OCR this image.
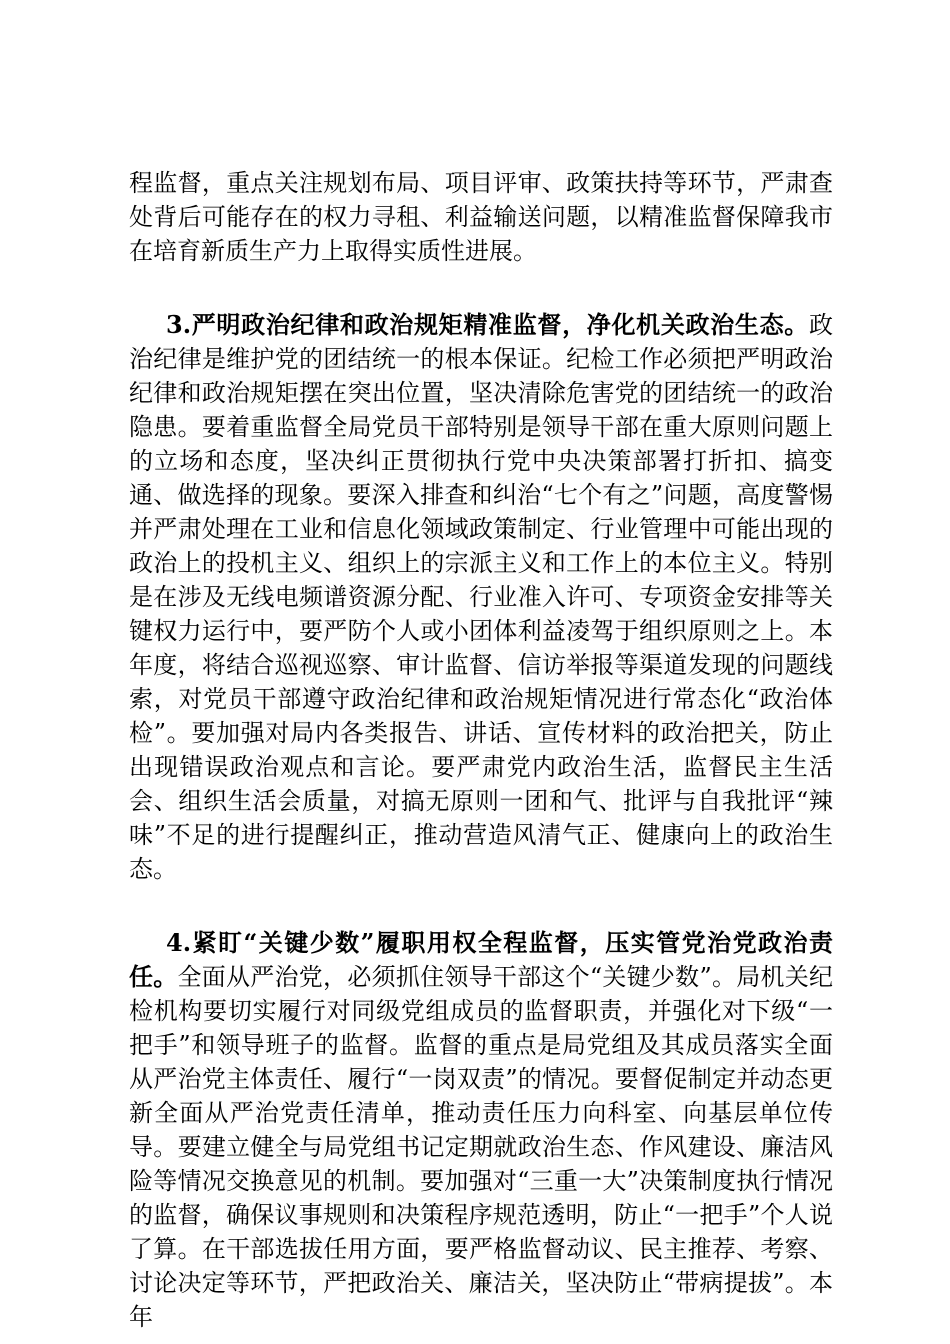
程监督，重点关注规划布局、项目评审、政策扶持等环节，严肃查处背后可能存在的权力寻租、利益输送问题，以精准监督保障我市在培育新质生产力上取得实质性进展。

3.严明政治纪律和政治规矩精准监督，净化机关政治生态。政治纪律是维护党的团结统一的根本保证。纪检工作必须把严明政治纪律和政治规矩摆在突出位置，坚决清除危害党的团结统一的政治隐患。要着重监督全局党员干部特别是领导干部在重大原则问题上的立场和态度，坚决纠正贯彻执行党中央决策部署打折扣、搞变通、做选择的现象。要深入排查和纠治“七个有之”问题，高度警惕并严肃处理在工业和信息化领域政策制定、行业管理中可能出现的政治上的投机主义、组织上的宗派主义和工作上的本位主义。特别是在涉及无线电频谱资源分配、行业准入许可、专项资金安排等关键权力运行中，要严防个人或小团体利益凌驾于组织原则之上。本年度，将结合巡视巡察、审计监督、信访举报等渠道发现的问题线索，对党员干部遵守政治纪律和政治规矩情况进行常态化“政治体检”。要加强对局内各类报告、讲话、宣传材料的政治把关，防止出现错误政治观点和言论。要严肃党内政治生活，监督民主生活会、组织生活会质量，对搞无原则一团和气、批评与自我批评“辣味”不足的进行提醒纠正，推动营造风清气正、健康向上的政治生态。

4.紧盯“关键少数”履职用权全程监督，压实管党治党政治责任。全面从严治党，必须抓住领导干部这个“关键少数”。局机关纪检机构要切实履行对同级党组成员的监督职责，并强化对下级“一把手”和领导班子的监督。监督的重点是局党组及其成员落实全面从严治党主体责任、履行“一岗双责”的情况。要督促制定并动态更新全面从严治党责任清单，推动责任压力向科室、向基层单位传导。要建立健全与局党组书记定期就政治生态、作风建设、廉洁风险等情况交换意见的机制。要加强对“三重一大”决策制度执行情况的监督，确保议事规则和决策程序规范透明，防止“一把手”个人说了算。在干部选拔任用方面，要严格监督动议、民主推荐、考察、讨论决定等环节，严把政治关、廉洁关，坚决防止“带病提拔”。本年
